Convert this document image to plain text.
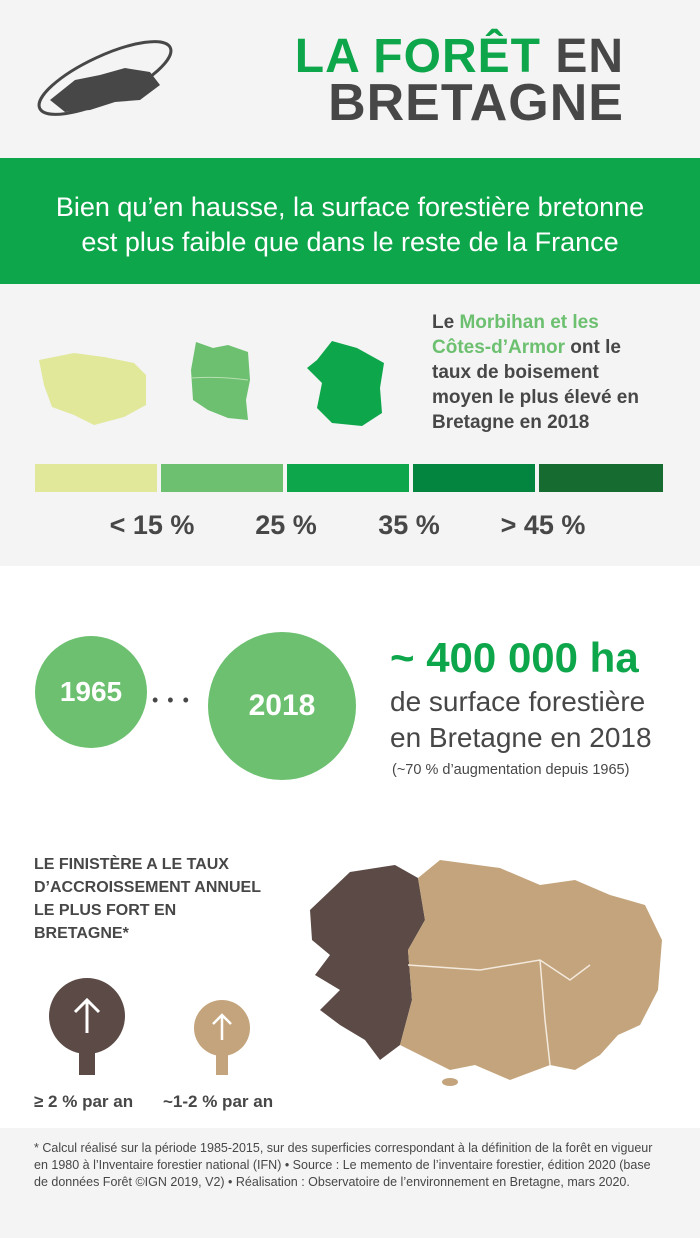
LA FORÊT EN
BRETAGNE
Bien qu’en hausse, la surface forestière bretonne
est plus faible que dans le reste de la France
Le Morbihan et les Côtes-d’Armor ont le taux de boisement moyen le plus élevé en Bretagne en 2018
< 15 %	25 %	35 %	> 45 %
1965	• • •	2018
~ 400 000 ha
de surface forestière
en Bretagne en 2018
(~70 % d’augmentation depuis 1965)
LE FINISTÈRE A LE TAUX D’ACCROISSEMENT ANNUEL LE PLUS FORT EN BRETAGNE*
≥ 2 % par an ~1-2 % par an
* Calcul réalisé sur la période 1985-2015, sur des superficies correspondant à la définition de la forêt en vigueur en 1980 à l’Inventaire forestier national (IFN) • Source : Le memento de l’inventaire forestier, édition 2020 (base de données Forêt ©IGN 2019, V2) • Réalisation : Observatoire de l’environnement en Bretagne, mars 2020.
